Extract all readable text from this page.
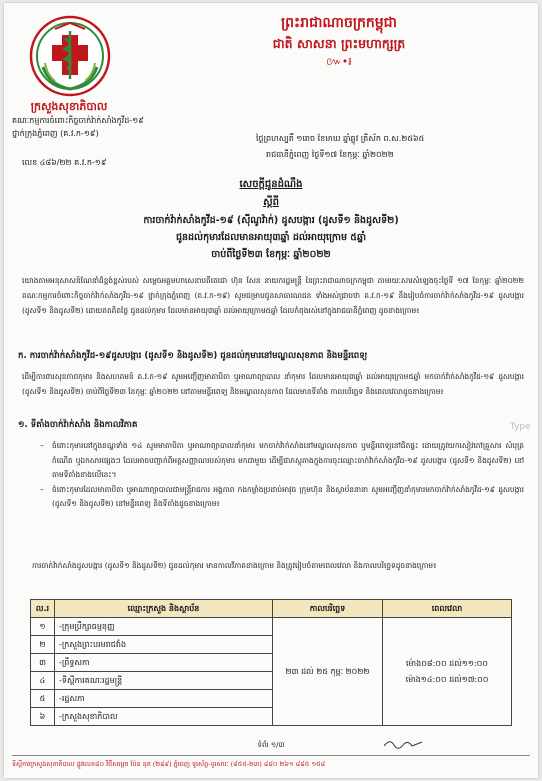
ព្រះរាជាណាចក្រកម្ពុជា
ជាតិ សាសនា ព្រះមហាក្សត្រ
៚•៛
ក្រសួងសុខាភិបាល
គណៈកម្មការចំពោះកិច្ចចាក់វ៉ាក់សាំងកូវីដ-១៩
ថ្នាក់ក្រុងភ្នំពេញ (គ.វ.ក-១៩)
លេខ ៤៨៦/២២ គ.វ.ក-១៩
ថ្ងៃព្រហស្បតិ៍ ១រោច ខែមាឃ ឆ្នាំឆ្លូវ ត្រីស័ក ព.ស.២៥៦៥
រាជធានីភ្នំពេញ ថ្ងៃទី១៧ ខែកុម្ភៈ ឆ្នាំ២០២២
សេចក្តីជូនដំណឹង
ស្តីពី
ការចាក់វ៉ាក់សាំងកូវីដ-១៩ (ស៊ីណូវ៉ាក់) ដូសបង្ការ (ដូសទី១ និងដូសទី២)
ជូនដល់កុមារដែលមានអាយុ៣ឆ្នាំ ដល់អាយុក្រោម ៥ឆ្នាំ
ចាប់ពីថ្ងៃទី២៣ ខែកុម្ភៈ ឆ្នាំ២០២២
យោងតាមអនុសាសន៍ណែនាំដ៏ខ្ពង់ខ្ពស់របស់ សម្តេចអគ្គមហាសេនាបតីតេជោ ហ៊ុន សែន នាយករដ្ឋមន្ត្រី នៃព្រះរាជាណាចក្រកម្ពុជា តាមរយៈសារសំឡេងចុះថ្ងៃទី ១៧ ខែកុម្ភៈ ឆ្នាំ២០២២ គណៈកម្មការចំពោះកិច្ចចាក់វ៉ាក់សាំងកូវីដ-១៩ ថ្នាក់ក្រុងភ្នំពេញ (គ.វ.ក-១៩) សូមជម្រាបជូនសាធារណជន ទាំងអស់ជ្រាបថា គ.វ.ក-១៩ នឹងរៀបចំការចាក់វ៉ាក់សាំងកូវីដ-១៩ ដូសបង្ការ (ដូសទី១ និងដូសទី២) ដោយឥតគិតថ្លៃ ជូនដល់កុមារ ដែលមានអាយុ៣ឆ្នាំ ដល់អាយុក្រោម៥ឆ្នាំ ដែលកំពុងរស់នៅក្នុងរាជធានីភ្នំពេញ ដូចខាងក្រោម៖
ក. ការចាក់វ៉ាក់សាំងកូវីដ-១៩ដូសបង្ការ (ដូសទី១ និងដូសទី២) ជូនដល់កុមារនៅមណ្ឌលសុខភាព និងមន្ទីរពេទ្យ
ដើម្បីការពារសុខភាពកុមារ និងសហគមន៍ គ.វ.ក-១៩ សូមអញ្ជើញមាតាបិតា ឬអាណាព្យាបាល នាំកុមារ ដែលមានអាយុ៣ឆ្នាំ ដល់អាយុក្រោម៥ឆ្នាំ មកចាក់វ៉ាក់សាំងកូវីដ-១៩ ដូសបង្ការ (ដូសទី១ និងដូសទី២) ចាប់ពីថ្ងៃទី២៣ ខែកុម្ភៈ ឆ្នាំ២០២២ នៅតាមមន្ទីរពេទ្យ និងមណ្ឌលសុខភាព ដែលមានទីតាំង កាលបរិច្ឆេទ និងពេលវេលាដូចខាងក្រោម៖
១. ទីតាំងចាក់វ៉ាក់សាំង និងកាលវិភាគ
– ចំពោះកុមារនៅក្នុងខណ្ឌទាំង ១៤ សូមមាតាបិតា ឬអាណាព្យាបាលនាំកុមារ មកចាក់វ៉ាក់សាំងនៅមណ្ឌលសុខភាព ឬមន្ទីរពេទ្យនៅជិតផ្ទះ ដោយត្រូវយកសៀវភៅគ្រួសារ សំបុត្រកំណើត ឬឯកសារផ្សេងៗ ដែលអាចបញ្ជាក់ពីអត្តសញ្ញាណរបស់កុមារ មកជាមួយ ដើម្បីជាភស្តុតាងក្នុងការចុះឈ្មោះចាក់វ៉ាក់សាំងកូវីដ-១៩ ដូសបង្ការ (ដូសទី១ និងដូសទី២) នៅតាមទីតាំងខាងលើនេះ។
– ចំពោះកុមារដែលមាតាបិតា ឬអាណាព្យាបាលជាមន្ត្រីរាជការ អង្គភាព កងកម្លាំងប្រដាប់អាវុធ ក្រុមហ៊ុន និងស្ថាប័ននានា សូមអញ្ជើញនាំកុមារមកចាក់វ៉ាក់សាំងកូវីដ-១៩ ដូសបង្ការ (ដូសទី១ និងដូសទី២) នៅមន្ទីរពេទ្យ និងទីតាំងដូចខាងក្រោម៖
ការចាក់វ៉ាក់សាំងដូសបង្ការ (ដូសទី១ និងដូសទី២) ជូនដល់កុមារ មានកាលវិភាគខាងក្រោម និងត្រូវរៀបចំតាមពេលវេលា និងកាលបរិច្ឆេទដូចខាងក្រោម៖
ល.រ	ឈ្មោះក្រសួង និងស្ថាប័ន	កាលបរិច្ឆេទ	ពេលវេលា
១	-ក្រុមប្រឹក្សាធម្មនុញ្ញ	២៣ ដល់ ២៥ កុម្ភៈ ២០២២	ម៉ោង០៨:០០ ដល់១១:០០
ម៉ោង១៤:០០ ដល់១៧:០០

២	-ក្រសួងព្រះបរមរាជវាំង		
៣	-ព្រឹទ្ធសភា		
៤	-ទីស្តីការគណៈរដ្ឋមន្ត្រី		
៥	-រដ្ឋសភា		
៦	-ក្រសួងសុខាភិបាល		
ទំព័រ ១/៣
ទីស្តីការក្រសួងសុខាភិបាល ផ្លូវលេខ៨០ វិថីសម្តេច ប៉ែន នុត (២៨៩) ភ្នំពេញ ទូរស័ព្ទ-ទូរសារៈ (៨៥៥-២៣) ៨៨០ ២៦១ ៨៨៥ ១៥៨
Type
